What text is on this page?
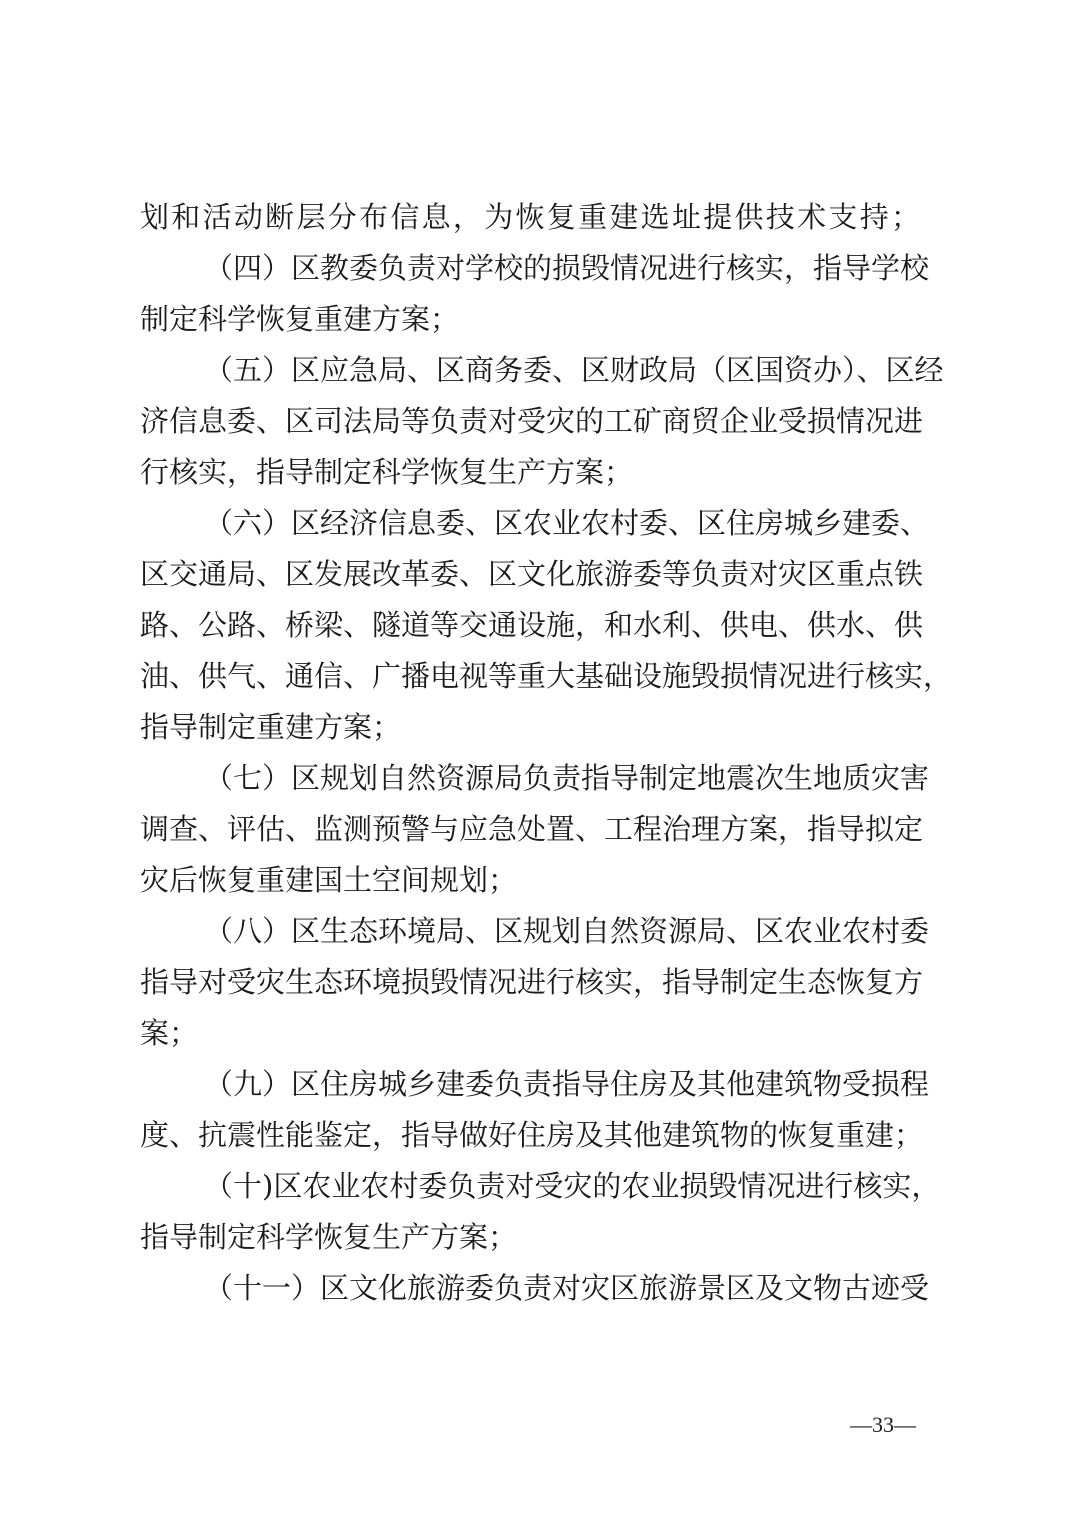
划和活动断层分布信息，为恢复重建选址提供技术支持；
（四）区教委负责对学校的损毁情况进行核实，指导学校
制定科学恢复重建方案；
（五）区应急局、区商务委、区财政局（区国资办）、区经
济信息委、区司法局等负责对受灾的工矿商贸企业受损情况进
行核实，指导制定科学恢复生产方案；
（六）区经济信息委、区农业农村委、区住房城乡建委、
区交通局、区发展改革委、区文化旅游委等负责对灾区重点铁
路、公路、桥梁、隧道等交通设施，和水利、供电、供水、供
油、供气、通信、广播电视等重大基础设施毁损情况进行核实，
指导制定重建方案；
（七）区规划自然资源局负责指导制定地震次生地质灾害
调查、评估、监测预警与应急处置、工程治理方案，指导拟定
灾后恢复重建国土空间规划；
（八）区生态环境局、区规划自然资源局、区农业农村委
指导对受灾生态环境损毁情况进行核实，指导制定生态恢复方
案；
（九）区住房城乡建委负责指导住房及其他建筑物受损程
度、抗震性能鉴定，指导做好住房及其他建筑物的恢复重建；
（十)区农业农村委负责对受灾的农业损毁情况进行核实，
指导制定科学恢复生产方案；
（十一）区文化旅游委负责对灾区旅游景区及文物古迹受
—33—
